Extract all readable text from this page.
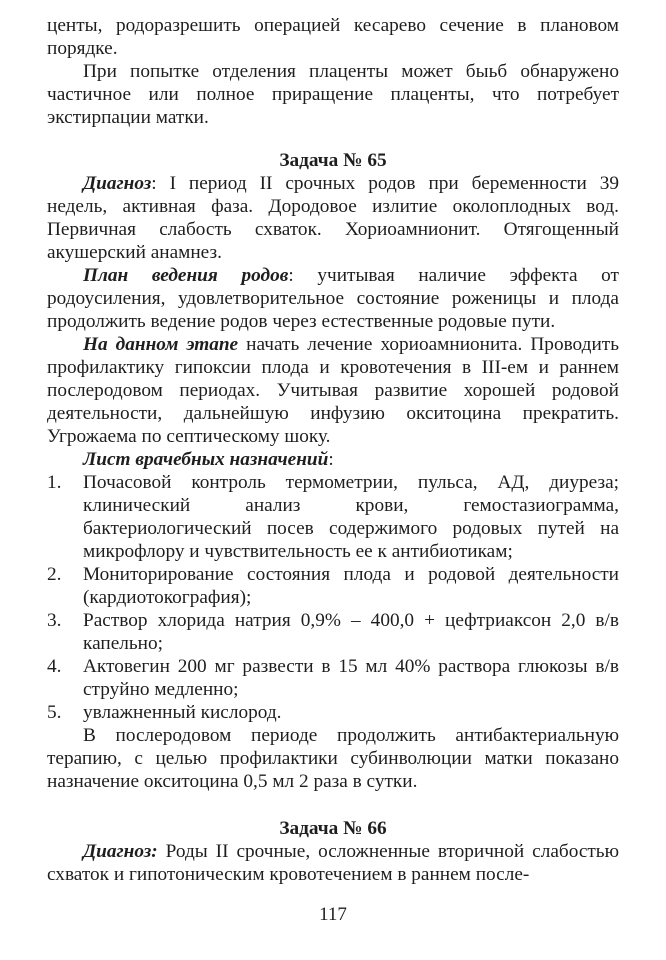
центы, родоразрешить операцией кесарево сечение в плановом порядке.

При попытке отделения плаценты может быьб обнаружено частичное или полное приращение плаценты, что потребует экстирпации матки.

Задача № 65

Диагноз: I период II срочных родов при беременности 39 недель, активная фаза. Дородовое излитие околоплодных вод. Первичная слабость схваток. Хориоамнионит. Отягощенный акушерский анамнез.

План ведения родов: учитывая наличие эффекта от родоусиления, удовлетворительное состояние роженицы и плода продолжить ведение родов через естественные родовые пути.

На данном этапе начать лечение хориоамнионита. Проводить профилактику гипоксии плода и кровотечения в III-ем и раннем послеродовом периодах. Учитывая развитие хорошей родовой деятельности, дальнейшую инфузию окситоцина прекратить. Угрожаема по септическому шоку.

Лист врачебных назначений:

1. Почасовой контроль термометрии, пульса, АД, диуреза; клинический анализ крови, гемостазиограмма, бактериологический посев содержимого родовых путей на микрофлору и чувствительность ее к антибиотикам;
2. Мониторирование состояния плода и родовой деятельности (кардиотокография);
3. Раствор хлорида натрия 0,9% – 400,0 + цефтриаксон 2,0 в/в капельно;
4. Актовегин 200 мг развести в 15 мл 40% раствора глюкозы в/в струйно медленно;
5. увлажненный кислород.

В послеродовом периоде продолжить антибактериальную терапию, с целью профилактики субинволюции матки показано назначение окситоцина 0,5 мл 2 раза в сутки.

Задача № 66

Диагноз: Роды II срочные, осложненные вторичной слабостью схваток и гипотоническим кровотечением в раннем после-

117
